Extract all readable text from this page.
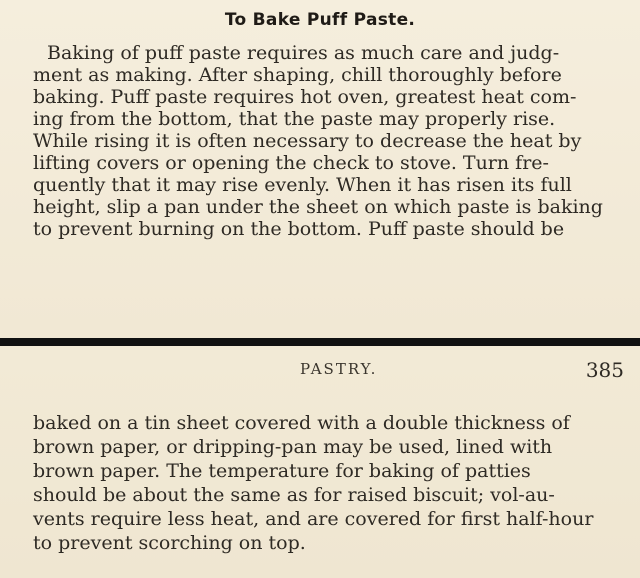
To Bake Puff Paste.
Baking of puff paste requires as much care and judg-
ment as making. After shaping, chill thoroughly before
baking. Puff paste requires hot oven, greatest heat com-
ing from the bottom, that the paste may properly rise.
While rising it is often necessary to decrease the heat by
lifting covers or opening the check to stove. Turn fre-
quently that it may rise evenly. When it has risen its full
height, slip a pan under the sheet on which paste is baking
to prevent burning on the bottom. Puff paste should be
PASTRY.	385
baked on a tin sheet covered with a double thickness of
brown paper, or dripping-pan may be used, lined with
brown paper. The temperature for baking of patties
should be about the same as for raised biscuit; vol-au-
vents require less heat, and are covered for first half-hour
to prevent scorching on top.
